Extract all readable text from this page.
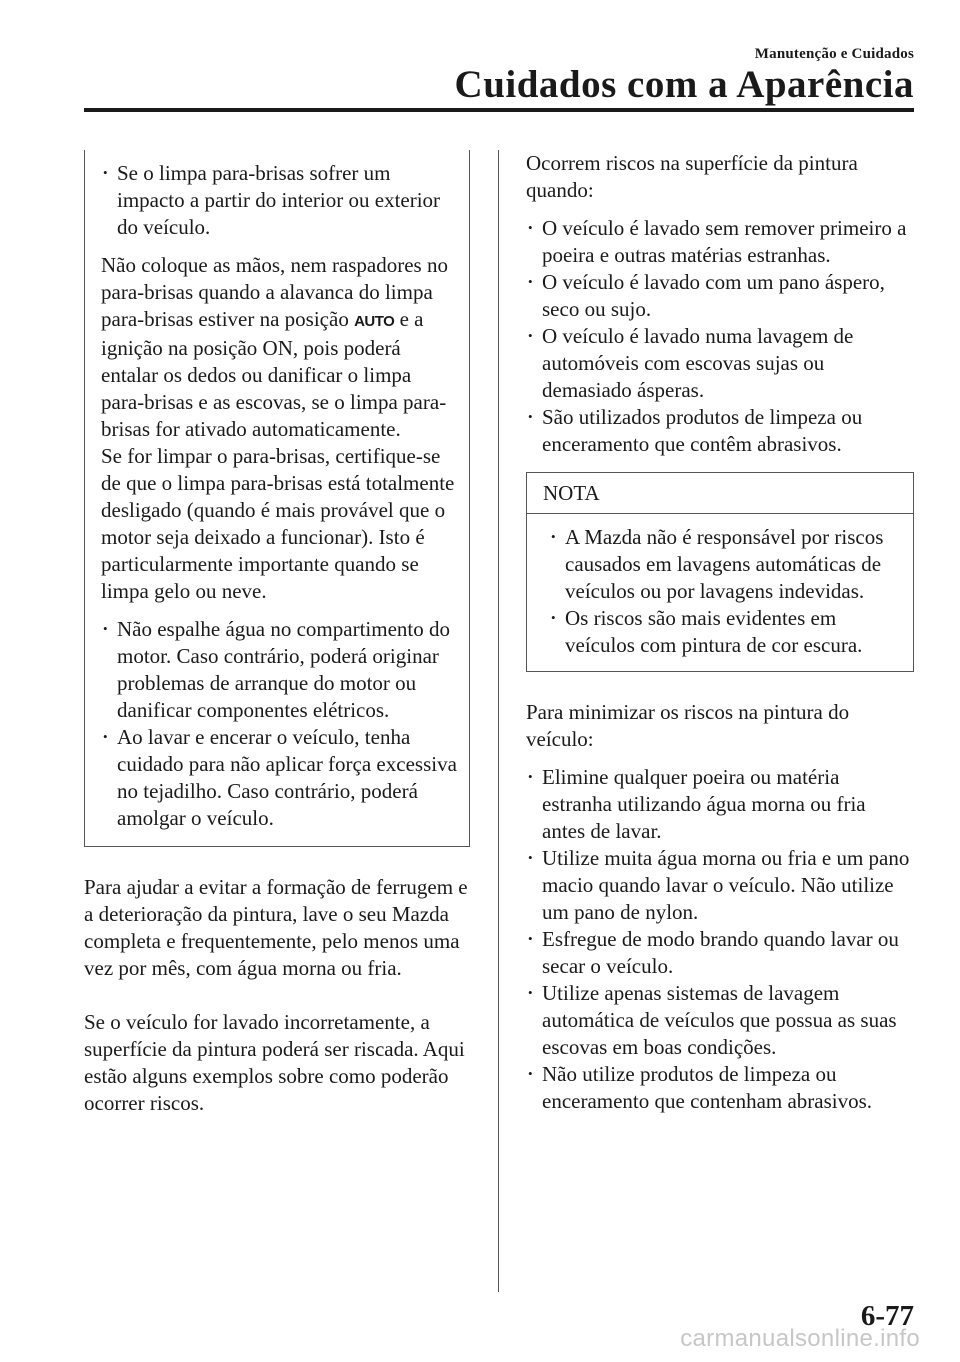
Manutenção e Cuidados
Cuidados com a Aparência

• Se o limpa para-brisas sofrer um impacto a partir do interior ou exterior do veículo.

Não coloque as mãos, nem raspadores no para-brisas quando a alavanca do limpa para-brisas estiver na posição AUTO e a ignição na posição ON, pois poderá entalar os dedos ou danificar o limpa para-brisas e as escovas, se o limpa para-brisas for ativado automaticamente.

Se for limpar o para-brisas, certifique-se de que o limpa para-brisas está totalmente desligado (quando é mais provável que o motor seja deixado a funcionar). Isto é particularmente importante quando se limpa gelo ou neve.

• Não espalhe água no compartimento do motor. Caso contrário, poderá originar problemas de arranque do motor ou danificar componentes elétricos.

• Ao lavar e encerar o veículo, tenha cuidado para não aplicar força excessiva no tejadilho. Caso contrário, poderá amolgar o veículo.

Para ajudar a evitar a formação de ferrugem e a deterioração da pintura, lave o seu Mazda completa e frequentemente, pelo menos uma vez por mês, com água morna ou fria.

Se o veículo for lavado incorretamente, a superfície da pintura poderá ser riscada. Aqui estão alguns exemplos sobre como poderão ocorrer riscos.

Ocorrem riscos na superfície da pintura quando:

• O veículo é lavado sem remover primeiro a poeira e outras matérias estranhas.

• O veículo é lavado com um pano áspero, seco ou sujo.

• O veículo é lavado numa lavagem de automóveis com escovas sujas ou demasiado ásperas.

• São utilizados produtos de limpeza ou enceramento que contêm abrasivos.

NOTA

• A Mazda não é responsável por riscos causados em lavagens automáticas de veículos ou por lavagens indevidas.

• Os riscos são mais evidentes em veículos com pintura de cor escura.

Para minimizar os riscos na pintura do veículo:

• Elimine qualquer poeira ou matéria estranha utilizando água morna ou fria antes de lavar.

• Utilize muita água morna ou fria e um pano macio quando lavar o veículo. Não utilize um pano de nylon.

• Esfregue de modo brando quando lavar ou secar o veículo.

• Utilize apenas sistemas de lavagem automática de veículos que possua as suas escovas em boas condições.

• Não utilize produtos de limpeza ou enceramento que contenham abrasivos.

6-77
carmanualsonline.info
